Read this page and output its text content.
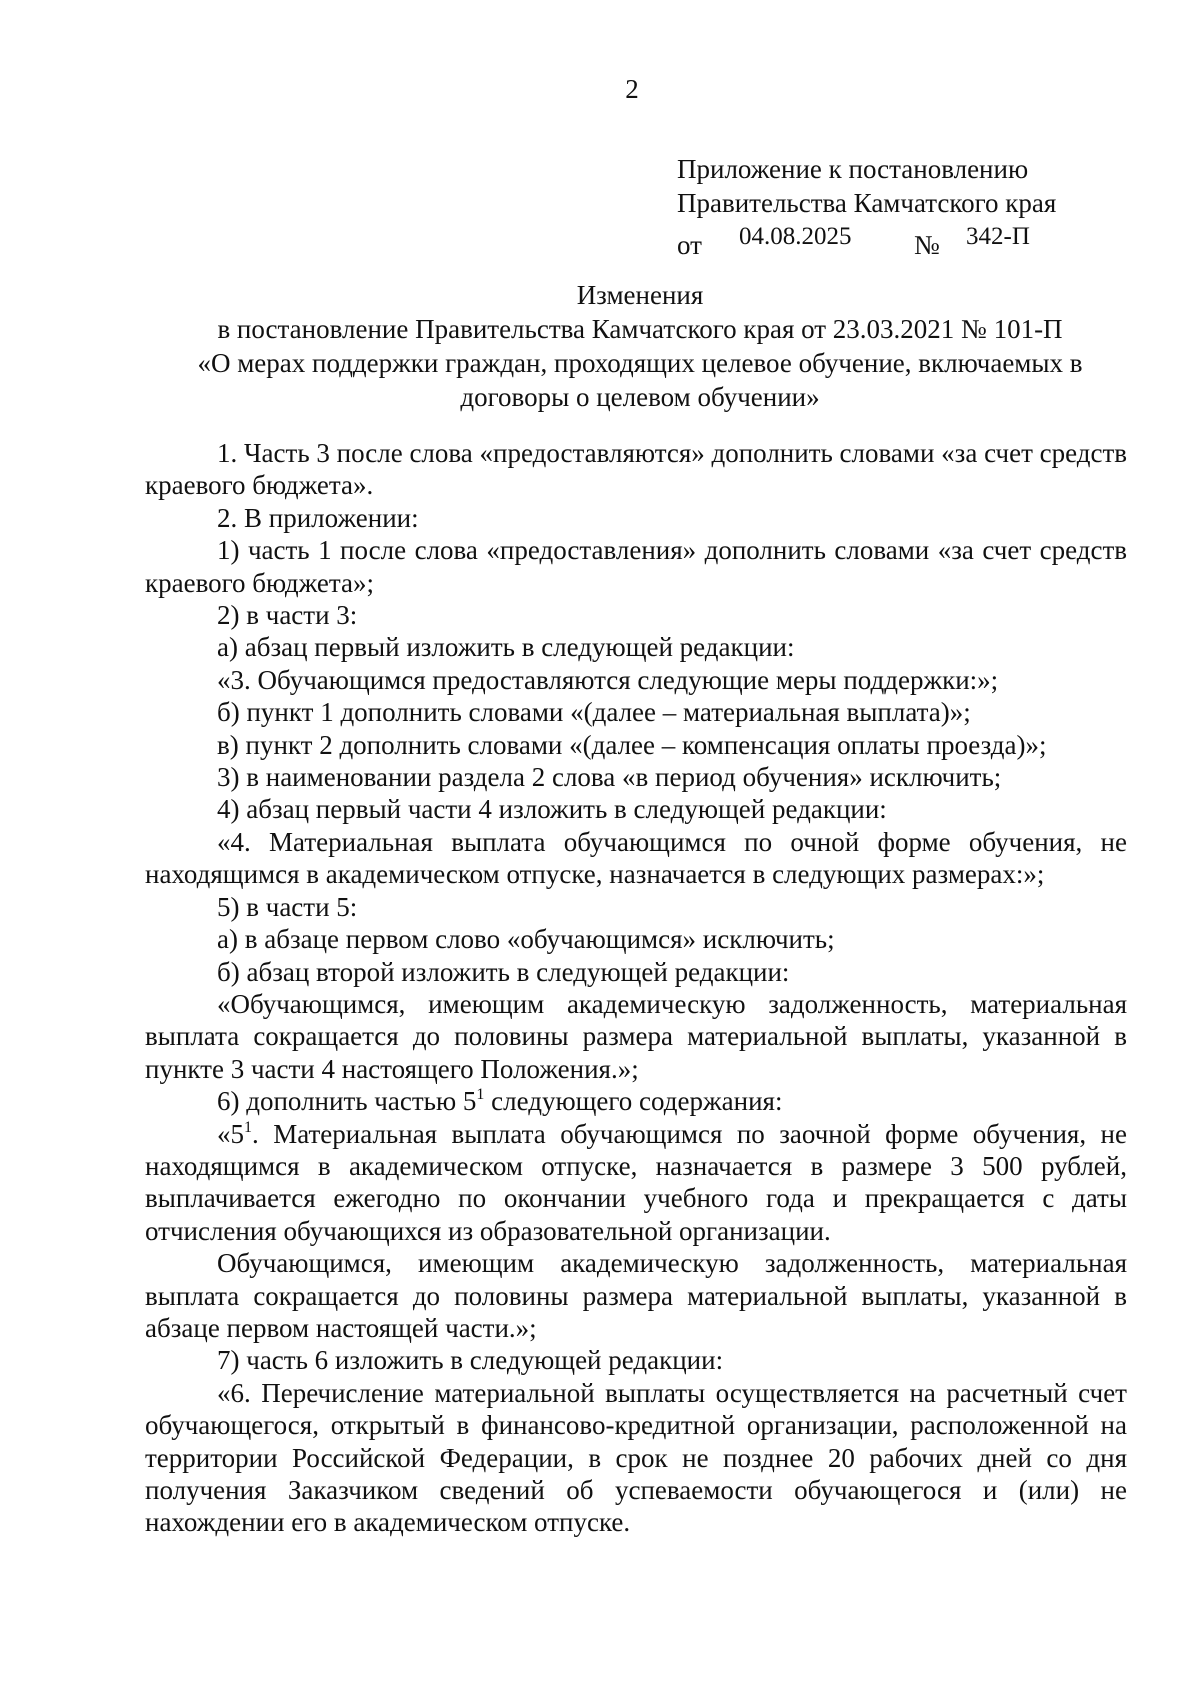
2
Приложение к постановлению
Правительства Камчатского края
от 04.08.2025 № 342-П
Изменения
в постановление Правительства Камчатского края от 23.03.2021 № 101-П
«О мерах поддержки граждан, проходящих целевое обучение, включаемых в
договоры о целевом обучении»

1. Часть 3 после слова «предоставляются» дополнить словами «за счет средств краевого бюджета».

2. В приложении:

1) часть 1 после слова «предоставления» дополнить словами «за счет средств краевого бюджета»;

2) в части 3:

а) абзац первый изложить в следующей редакции:

«3. Обучающимся предоставляются следующие меры поддержки:»;

б) пункт 1 дополнить словами «(далее – материальная выплата)»;

в) пункт 2 дополнить словами «(далее – компенсация оплаты проезда)»;

3) в наименовании раздела 2 слова «в период обучения» исключить;

4) абзац первый части 4 изложить в следующей редакции:

«4. Материальная выплата обучающимся по очной форме обучения, не находящимся в академическом отпуске, назначается в следующих размерах:»;

5) в части 5:

а) в абзаце первом слово «обучающимся» исключить;

б) абзац второй изложить в следующей редакции:

«Обучающимся, имеющим академическую задолженность, материальная выплата сокращается до половины размера материальной выплаты, указанной в пункте 3 части 4 настоящего Положения.»;

6) дополнить частью $5^1$ следующего содержания:

«$5^1$. Материальная выплата обучающимся по заочной форме обучения, не находящимся в академическом отпуске, назначается в размере 3 500 рублей, выплачивается ежегодно по окончании учебного года и прекращается с даты отчисления обучающихся из образовательной организации.

Обучающимся, имеющим академическую задолженность, материальная выплата сокращается до половины размера материальной выплаты, указанной в абзаце первом настоящей части.»;

7) часть 6 изложить в следующей редакции:

«6. Перечисление материальной выплаты осуществляется на расчетный счет обучающегося, открытый в финансово-кредитной организации, расположенной на территории Российской Федерации, в срок не позднее 20 рабочих дней со дня получения Заказчиком сведений об успеваемости обучающегося и (или) не нахождении его в академическом отпуске.
